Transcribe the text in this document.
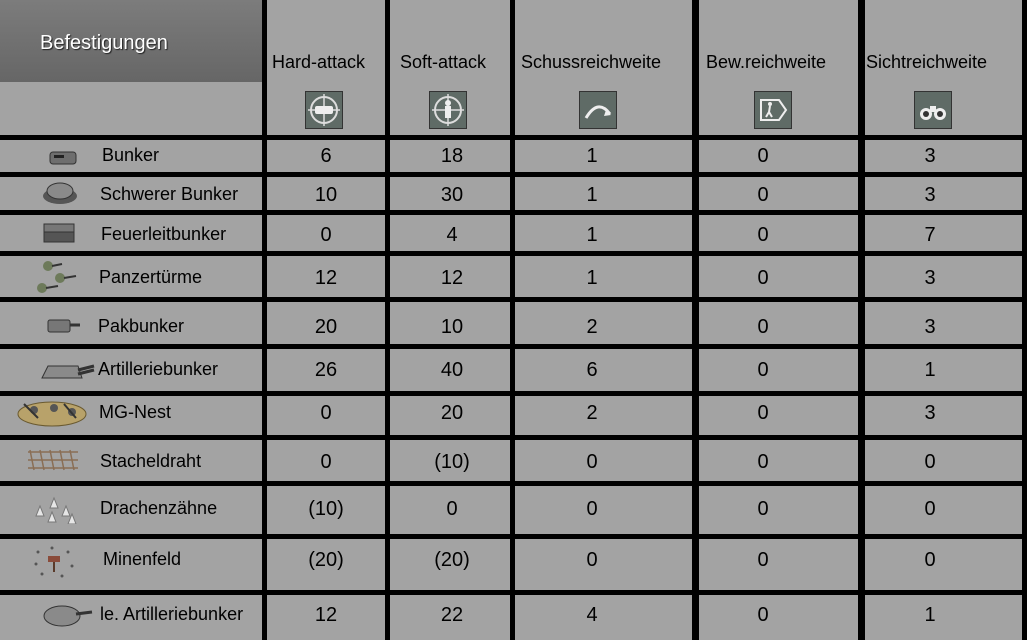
Befestigungen
Hard-attack Soft-attack Schussreichweite Bew.reichweite Sichtreichweite
Bunker	6	18	1	0	3
Schwerer Bunker	10	30	1	0	3
Feuerleitbunker	0	4	1	0	7
Panzertürme	12	12	1	0	3
Pakbunker	20	10	2	0	3
Artilleriebunker	26	40	6	0	1
MG-Nest	0	20	2	0	3
Stacheldraht	0	(10)	0	0	0
Drachenzähne	(10)	0	0	0	0
Minenfeld	(20)	(20)	0	0	0
le. Artilleriebunker	12	22	4	0	1
